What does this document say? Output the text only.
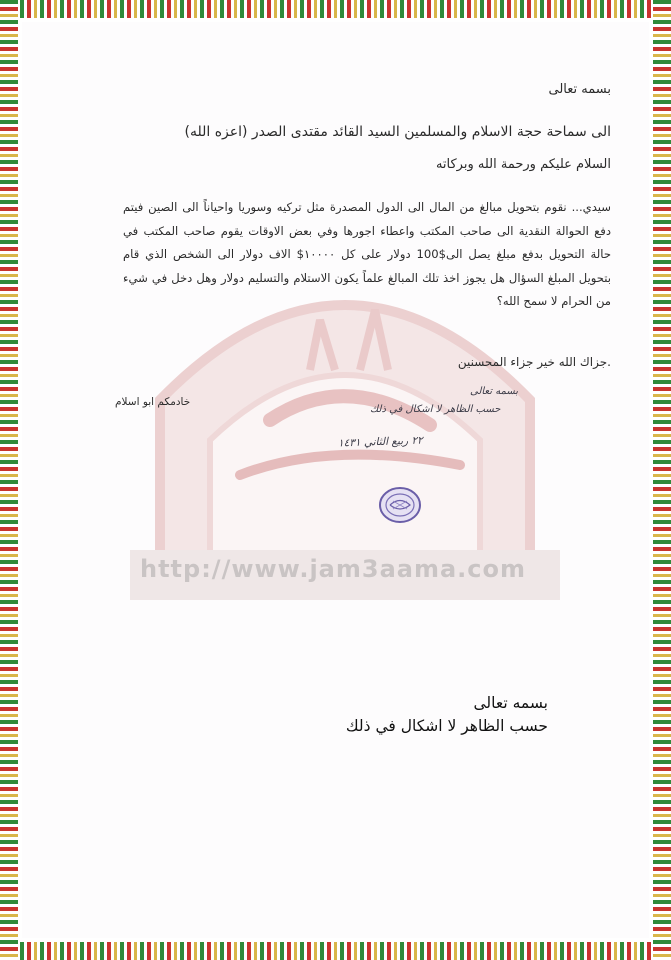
http://www.jam3aama.com
بسمه تعالى
الى سماحة حجة الاسلام والمسلمين السيد القائد مقتدى الصدر (اعزه الله)
السلام عليكم ورحمة الله وبركاته
سيدي... نقوم بتحويل مبالغ من المال الى الدول المصدرة مثل تركيه وسوريا واحياناً الى الصين فيتم دفع الحوالة النقدية الى صاحب المكتب واعطاء اجورها وفي بعض الاوقات يقوم صاحب المكتب في حالة التحويل بدفع مبلغ يصل الى$100 دولار على كل ١٠٠٠٠$ الاف دولار الى الشخص الذي قام بتحويل المبلغ السؤال هل يجوز اخذ تلك المبالغ علماً يكون الاستلام والتسليم دولار وهل دخل في شيء من الحرام لا سمح الله؟
جزاك الله خير جزاء المحسنين.
خادمكم ابو اسلام
بسمه تعالى
حسب الظاهر لا اشكال في ذلك
٢٢ ربيع الثاني ١٤٣١
بسمه تعالى
حسب الظاهر لا اشكال في ذلك
